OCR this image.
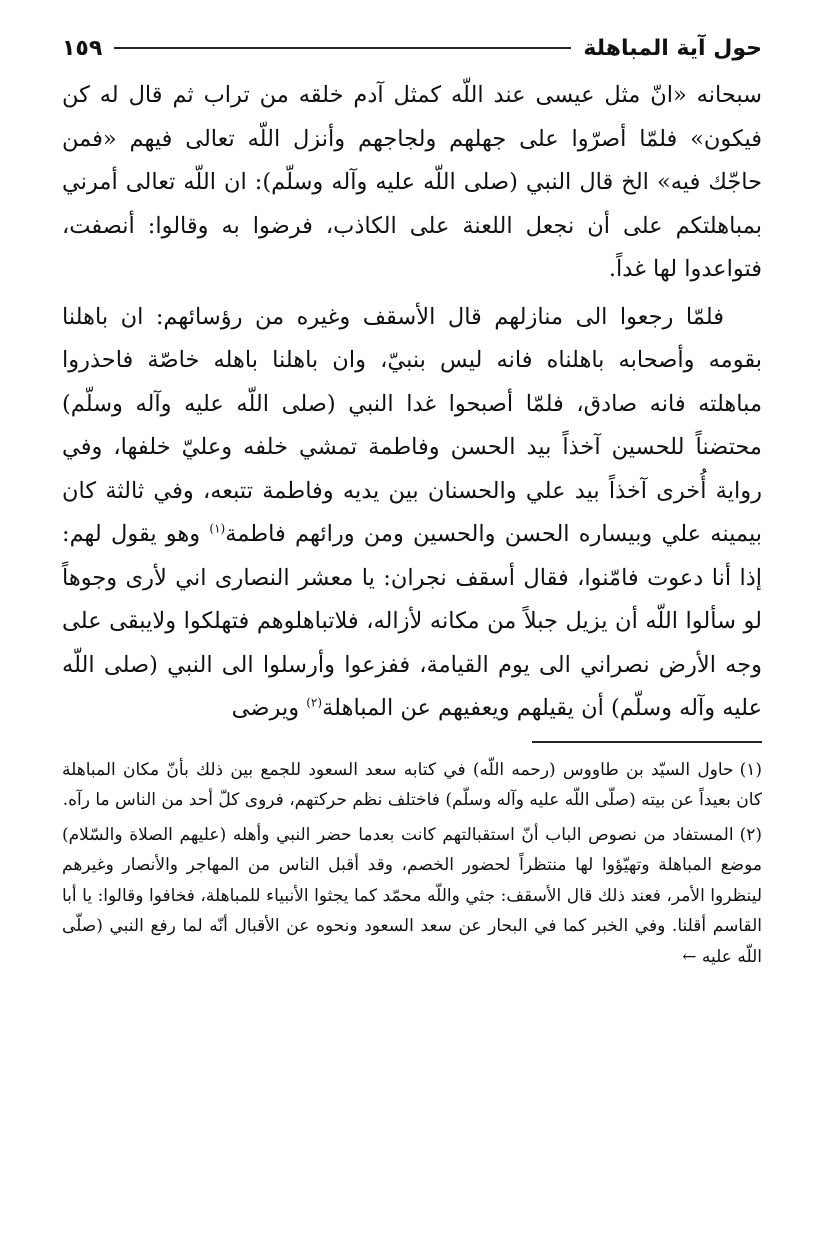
حول آية المباهلة
١٥٩

سبحانه «انّ مثل عيسى عند اللّه كمثل آدم خلقه من تراب ثم قال له كن فيكون» فلمّا أصرّوا على جهلهم ولجاجهم وأنزل اللّه تعالى فيهم «فمن حاجّك فيه» الخ قال النبي (صلى اللّه عليه وآله وسلّم): ان اللّه تعالى أمرني بمباهلتكم على أن نجعل اللعنة على الكاذب، فرضوا به وقالوا: أنصفت، فتواعدوا لها غداً.

فلمّا رجعوا الى منازلهم قال الأسقف وغيره من رؤسائهم: ان باهلنا بقومه وأصحابه باهلناه فانه ليس بنبيّ، وان باهلنا باهله خاصّة فاحذروا مباهلته فانه صادق، فلمّا أصبحوا غدا النبي (صلى اللّه عليه وآله وسلّم) محتضناً للحسين آخذاً بيد الحسن وفاطمة تمشي خلفه وعليّ خلفها، وفي رواية أُخرى آخذاً بيد علي والحسنان بين يديه وفاطمة تتبعه، وفي ثالثة كان بيمينه علي وبيساره الحسن والحسين ومن ورائهم فاطمة$^{(١)}$ وهو يقول لهم: إذا أنا دعوت فامّنوا، فقال أسقف نجران: يا معشر النصارى اني لأرى وجوهاً لو سألوا اللّه أن يزيل جبلاً من مكانه لأزاله، فلاتباهلوهم فتهلكوا ولايبقى على وجه الأرض نصراني الى يوم القيامة، ففزعوا وأرسلوا الى النبي (صلى اللّه عليه وآله وسلّم) أن يقيلهم ويعفيهم عن المباهلة$^{(٢)}$ ويرضى

(١)حاول السيّد بن طاووس (رحمه اللّه) في كتابه سعد السعود للجمع بين ذلك بأنّ مكان المباهلة كان بعيداً عن بيته (صلّى اللّه عليه وآله وسلّم) فاختلف نظم حركتهم، فروى كلّ أحد من الناس ما رآه.

(٢)المستفاد من نصوص الباب أنّ استقبالتهم كانت بعدما حضر النبي وأهله (عليهم الصلاة والسّلام) موضع المباهلة وتهيّؤوا لها منتظراً لحضور الخصم، وقد أقبل الناس من المهاجر والأنصار وغيرهم لينظروا الأمر، فعند ذلك قال الأسقف: جثي واللّه محمّد كما يجثوا الأنبياء للمباهلة، فخافوا وقالوا: يا أبا القاسم أقلنا. وفي الخبر كما في البحار عن سعد السعود ونحوه عن الأقبال أنّه لما رفع النبي (صلّى اللّه عليه ←
